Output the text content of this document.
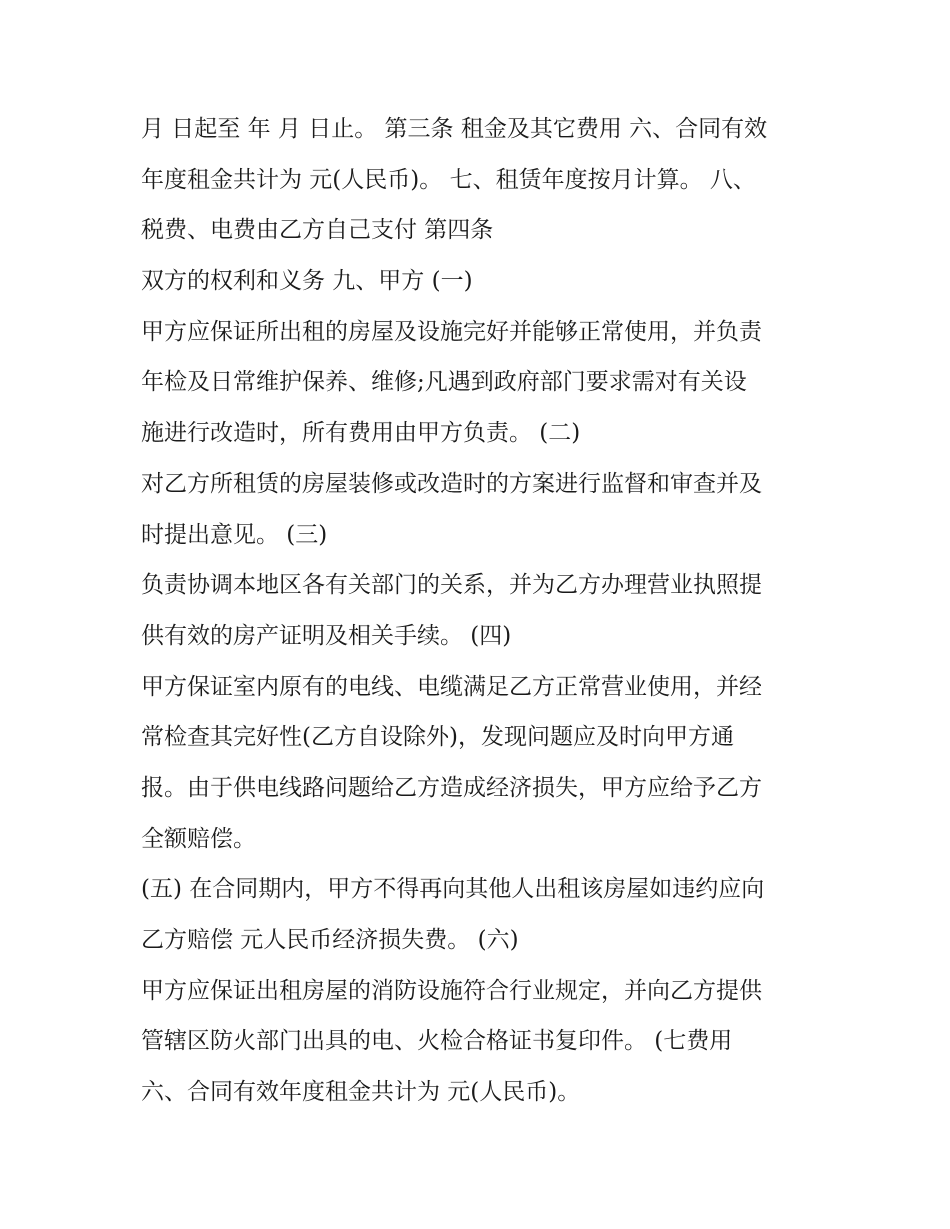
月 日起至 年 月 日止。 第三条 租金及其它费用 六、合同有效
年度租金共计为 元(人民币)。 七、租赁年度按月计算。 八、
税费、电费由乙方自己支付 第四条
双方的权利和义务 九、甲方 (一)
甲方应保证所出租的房屋及设施完好并能够正常使用，并负责
年检及日常维护保养、维修;凡遇到政府部门要求需对有关设
施进行改造时，所有费用由甲方负责。 (二)
对乙方所租赁的房屋装修或改造时的方案进行监督和审查并及
时提出意见。 (三)
负责协调本地区各有关部门的关系，并为乙方办理营业执照提
供有效的房产证明及相关手续。 (四)
甲方保证室内原有的电线、电缆满足乙方正常营业使用，并经
常检查其完好性(乙方自设除外)，发现问题应及时向甲方通
报。由于供电线路问题给乙方造成经济损失，甲方应给予乙方
全额赔偿。
(五) 在合同期内，甲方不得再向其他人出租该房屋如违约应向
乙方赔偿 元人民币经济损失费。 (六)
甲方应保证出租房屋的消防设施符合行业规定，并向乙方提供
管辖区防火部门出具的电、火检合格证书复印件。 (七费用
六、合同有效年度租金共计为 元(人民币)。
